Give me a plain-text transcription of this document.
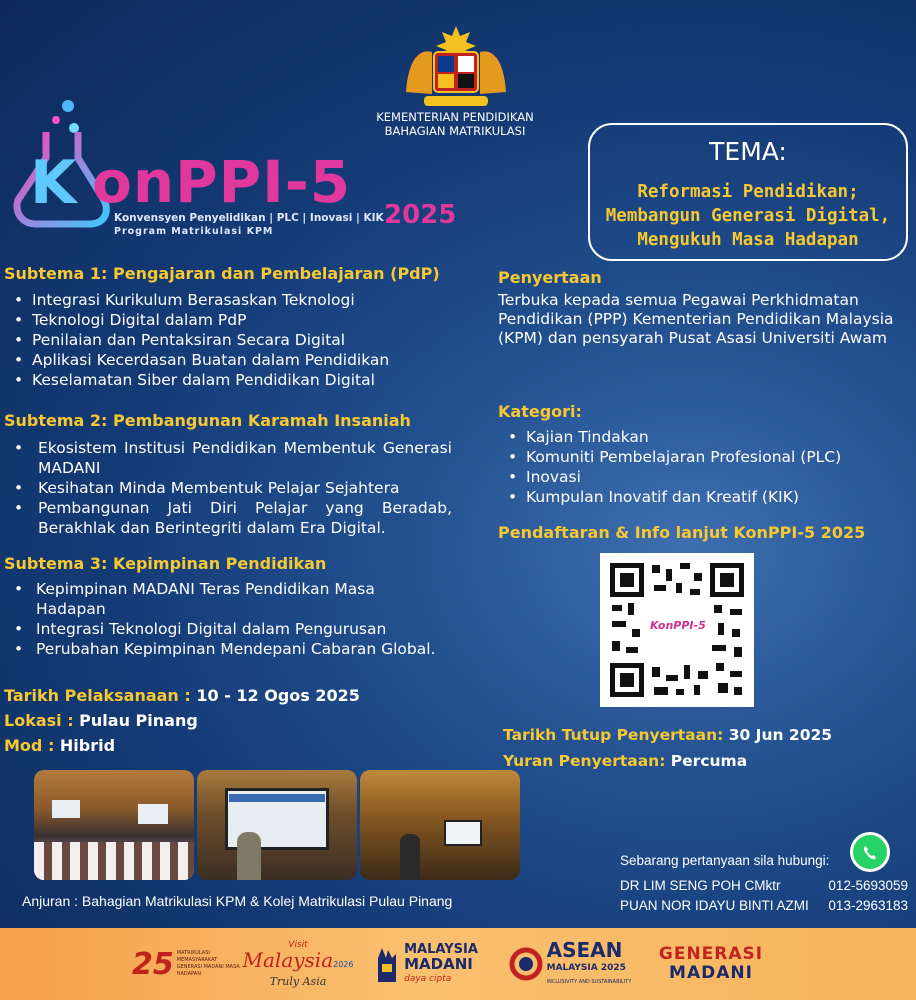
KEMENTERIAN PENDIDIKAN
BAHAGIAN MATRIKULASI
K onPPI-5
Konvensyen Penyelidikan | PLC | Inovasi | KIK
Program Matrikulasi KPM
2025
TEMA:
Reformasi Pendidikan;
Membangun Generasi Digital,
Mengukuh Masa Hadapan
Subtema 1: Pengajaran dan Pembelajaran (PdP)
• Integrasi Kurikulum Berasaskan Teknologi
• Teknologi Digital dalam PdP
• Penilaian dan Pentaksiran Secara Digital
• Aplikasi Kecerdasan Buatan dalam Pendidikan
• Keselamatan Siber dalam Pendidikan Digital
Subtema 2: Pembangunan Karamah Insaniah
• Ekosistem Institusi Pendidikan Membentuk Generasi MADANI
• Kesihatan Minda Membentuk Pelajar Sejahtera
• Pembangunan Jati Diri Pelajar yang Beradab, Berakhlak dan Berintegriti dalam Era Digital.
Subtema 3: Kepimpinan Pendidikan
• Kepimpinan MADANI Teras Pendidikan Masa Hadapan
• Integrasi Teknologi Digital dalam Pengurusan
• Perubahan Kepimpinan Mendepani Cabaran Global.
Tarikh Pelaksanaan : 10 - 12 Ogos 2025
Lokasi : Pulau Pinang
Mod : Hibrid
Penyertaan
Terbuka kepada semua Pegawai Perkhidmatan Pendidikan (PPP) Kementerian Pendidikan Malaysia (KPM) dan pensyarah Pusat Asasi Universiti Awam
Kategori:
• Kajian Tindakan
• Komuniti Pembelajaran Profesional (PLC)
• Inovasi
• Kumpulan Inovatif dan Kreatif (KIK)
Pendaftaran & Info lanjut KonPPI-5 2025
KonPPI-5
Tarikh Tutup Penyertaan: 30 Jun 2025
Yuran Penyertaan: Percuma
Anjuran : Bahagian Matrikulasi KPM & Kolej Matrikulasi Pulau Pinang
Sebarang pertanyaan sila hubungi:
DR LIM SENG POH CMktr	012-5693059
PUAN NOR IDAYU BINTI AZMI 013-2963183
25 MATRIKULASI MEMASYARAKAT GENERASI MADANI MASA HADAPAN
Visit
Malaysia2026
Truly Asia
MALAYSIA
MADANI
daya cipta
ASEAN
MALAYSIA 2025
INCLUSIVITY AND SUSTAINABILITY
GENERASI
MADANI
